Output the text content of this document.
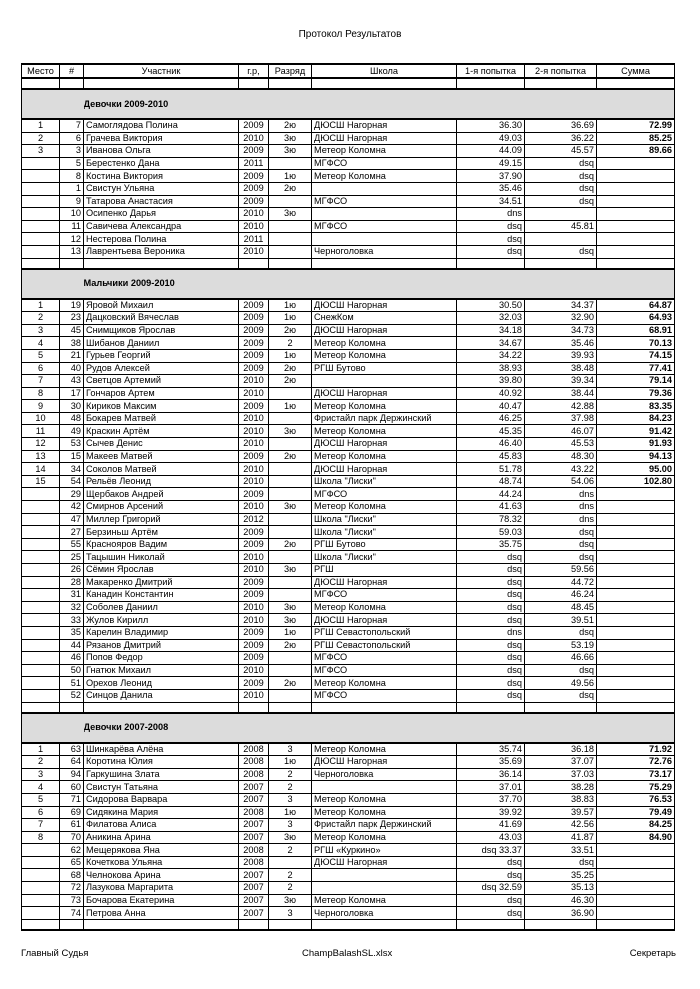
Протокол Результатов
Место	#	Участник	г.р,	Разряд	Школа	1-я попытка	2-я попытка	Сумма

		Девочки 2009-2010						
1	7	Самоглядова Полина	2009	2ю	ДЮСШ Нагорная	36.30	36.69	72.99
2	6	Грачева Виктория	2010	3ю	ДЮСШ Нагорная	49.03	36.22	85.25
3	3	Иванова Ольга	2009	3ю	Метеор Коломна	44.09	45.57	89.66
	5	Берестенко Дана	2011		МГФСО	49.15	dsq	
	8	Костина Виктория	2009	1ю	Метеор Коломна	37.90	dsq	
	1	Свистун Ульяна	2009	2ю		35.46	dsq	
	9	Татарова Анастасия	2009		МГФСО	34.51	dsq	
	10	Осипенко Дарья	2010	3ю		dns		
	11	Савичева Александра	2010		МГФСО	dsq	45.81	
	12	Нестерова Полина	2011			dsq		
	13	Лаврентьева Вероника	2010		Черноголовка	dsq	dsq	

		Мальчики 2009-2010						
1	19	Яровой Михаил	2009	1ю	ДЮСШ Нагорная	30.50	34.37	64.87
2	23	Дацковский Вячеслав	2009	1ю	СнежКом	32.03	32.90	64.93
3	45	Снимщиков Ярослав	2009	2ю	ДЮСШ Нагорная	34.18	34.73	68.91
4	38	Шибанов Даниил	2009	2	Метеор Коломна	34.67	35.46	70.13
5	21	Гурьев Георгий	2009	1ю	Метеор Коломна	34.22	39.93	74.15
6	40	Рудов Алексей	2009	2ю	РГШ Бутово	38.93	38.48	77.41
7	43	Светцов Артемий	2010	2ю		39.80	39.34	79.14
8	17	Гончаров Артем	2010		ДЮСШ Нагорная	40.92	38.44	79.36
9	30	Кириков Максим	2009	1ю	Метеор Коломна	40.47	42.88	83.35
10	48	Бокарев Матвей	2010		Фристайл парк Держинский	46.25	37.98	84.23
11	49	Краскин Артём	2010	3ю	Метеор Коломна	45.35	46.07	91.42
12	53	Сычев Денис	2010		ДЮСШ Нагорная	46.40	45.53	91.93
13	15	Макеев Матвей	2009	2ю	Метеор Коломна	45.83	48.30	94.13
14	34	Соколов Матвей	2010		ДЮСШ Нагорная	51.78	43.22	95.00
15	54	Рельёв Леонид	2010		Школа "Лиски"	48.74	54.06	102.80
	29	Щербаков Андрей	2009		МГФСО	44.24	dns	
	42	Смирнов Арсений	2010	3ю	Метеор Коломна	41.63	dns	
	47	Миллер Григорий	2012		Школа "Лиски"	78.32	dns	
	27	Берзиньш Артём	2009		Школа "Лиски"	59.03	dsq	
	55	Краснояров Вадим	2009	2ю	РГШ Бутово	35.75	dsq	
	25	Тацышин Николай	2010		Школа "Лиски"	dsq	dsq	
	26	Сёмин Ярослав	2010	3ю	РГШ	dsq	59.56	
	28	Макаренко Дмитрий	2009		ДЮСШ Нагорная	dsq	44.72	
	31	Канадин Константин	2009		МГФСО	dsq	46.24	
	32	Соболев Даниил	2010	3ю	Метеор Коломна	dsq	48.45	
	33	Жулов Кирилл	2010	3ю	ДЮСШ Нагорная	dsq	39.51	
	35	Карелин Владимир	2009	1ю	РГШ Севастопольский	dns	dsq	
	44	Рязанов Дмитрий	2009	2ю	РГШ Севастопольский	dsq	53.19	
	46	Попов Федор	2009		МГФСО	dsq	46.66	
	50	Гнатюк Михаил	2010		МГФСО	dsq	dsq	
	51	Орехов Леонид	2009	2ю	Метеор Коломна	dsq	49.56	
	52	Синцов Данила	2010		МГФСО	dsq	dsq	

		Девочки 2007-2008						
1	63	Шинкарёва Алёна	2008	3	Метеор Коломна	35.74	36.18	71.92
2	64	Коротина Юлия	2008	1ю	ДЮСШ Нагорная	35.69	37.07	72.76
3	94	Гаркушина Злата	2008	2	Черноголовка	36.14	37.03	73.17
4	60	Свистун Татьяна	2007	2		37.01	38.28	75.29
5	71	Сидорова Варвара	2007	3	Метеор Коломна	37.70	38.83	76.53
6	69	Сидякина Мария	2008	1ю	Метеор Коломна	39.92	39.57	79.49
7	61	Филатова Алиса	2007	3	Фристайл парк Держинский	41.69	42.56	84.25
8	70	Аникина Арина	2007	3ю	Метеор Коломна	43.03	41.87	84.90
	62	Мещерякова Яна	2008	2	РГШ «Куркино»	dsq 33.37	33.51	
	65	Кочеткова Ульяна	2008		ДЮСШ Нагорная	dsq	dsq	
	68	Челнокова Арина	2007	2		dsq	35.25	
	72	Лазукова Маргарита	2007	2		dsq 32.59	35.13	
	73	Бочарова Екатерина	2007	3ю	Метеор Коломна	dsq	46.30	
	74	Петрова Анна	2007	3	Черноголовка	dsq	36.90	

Главный Судья	ChampBalashSL.xlsx	Секретарь
